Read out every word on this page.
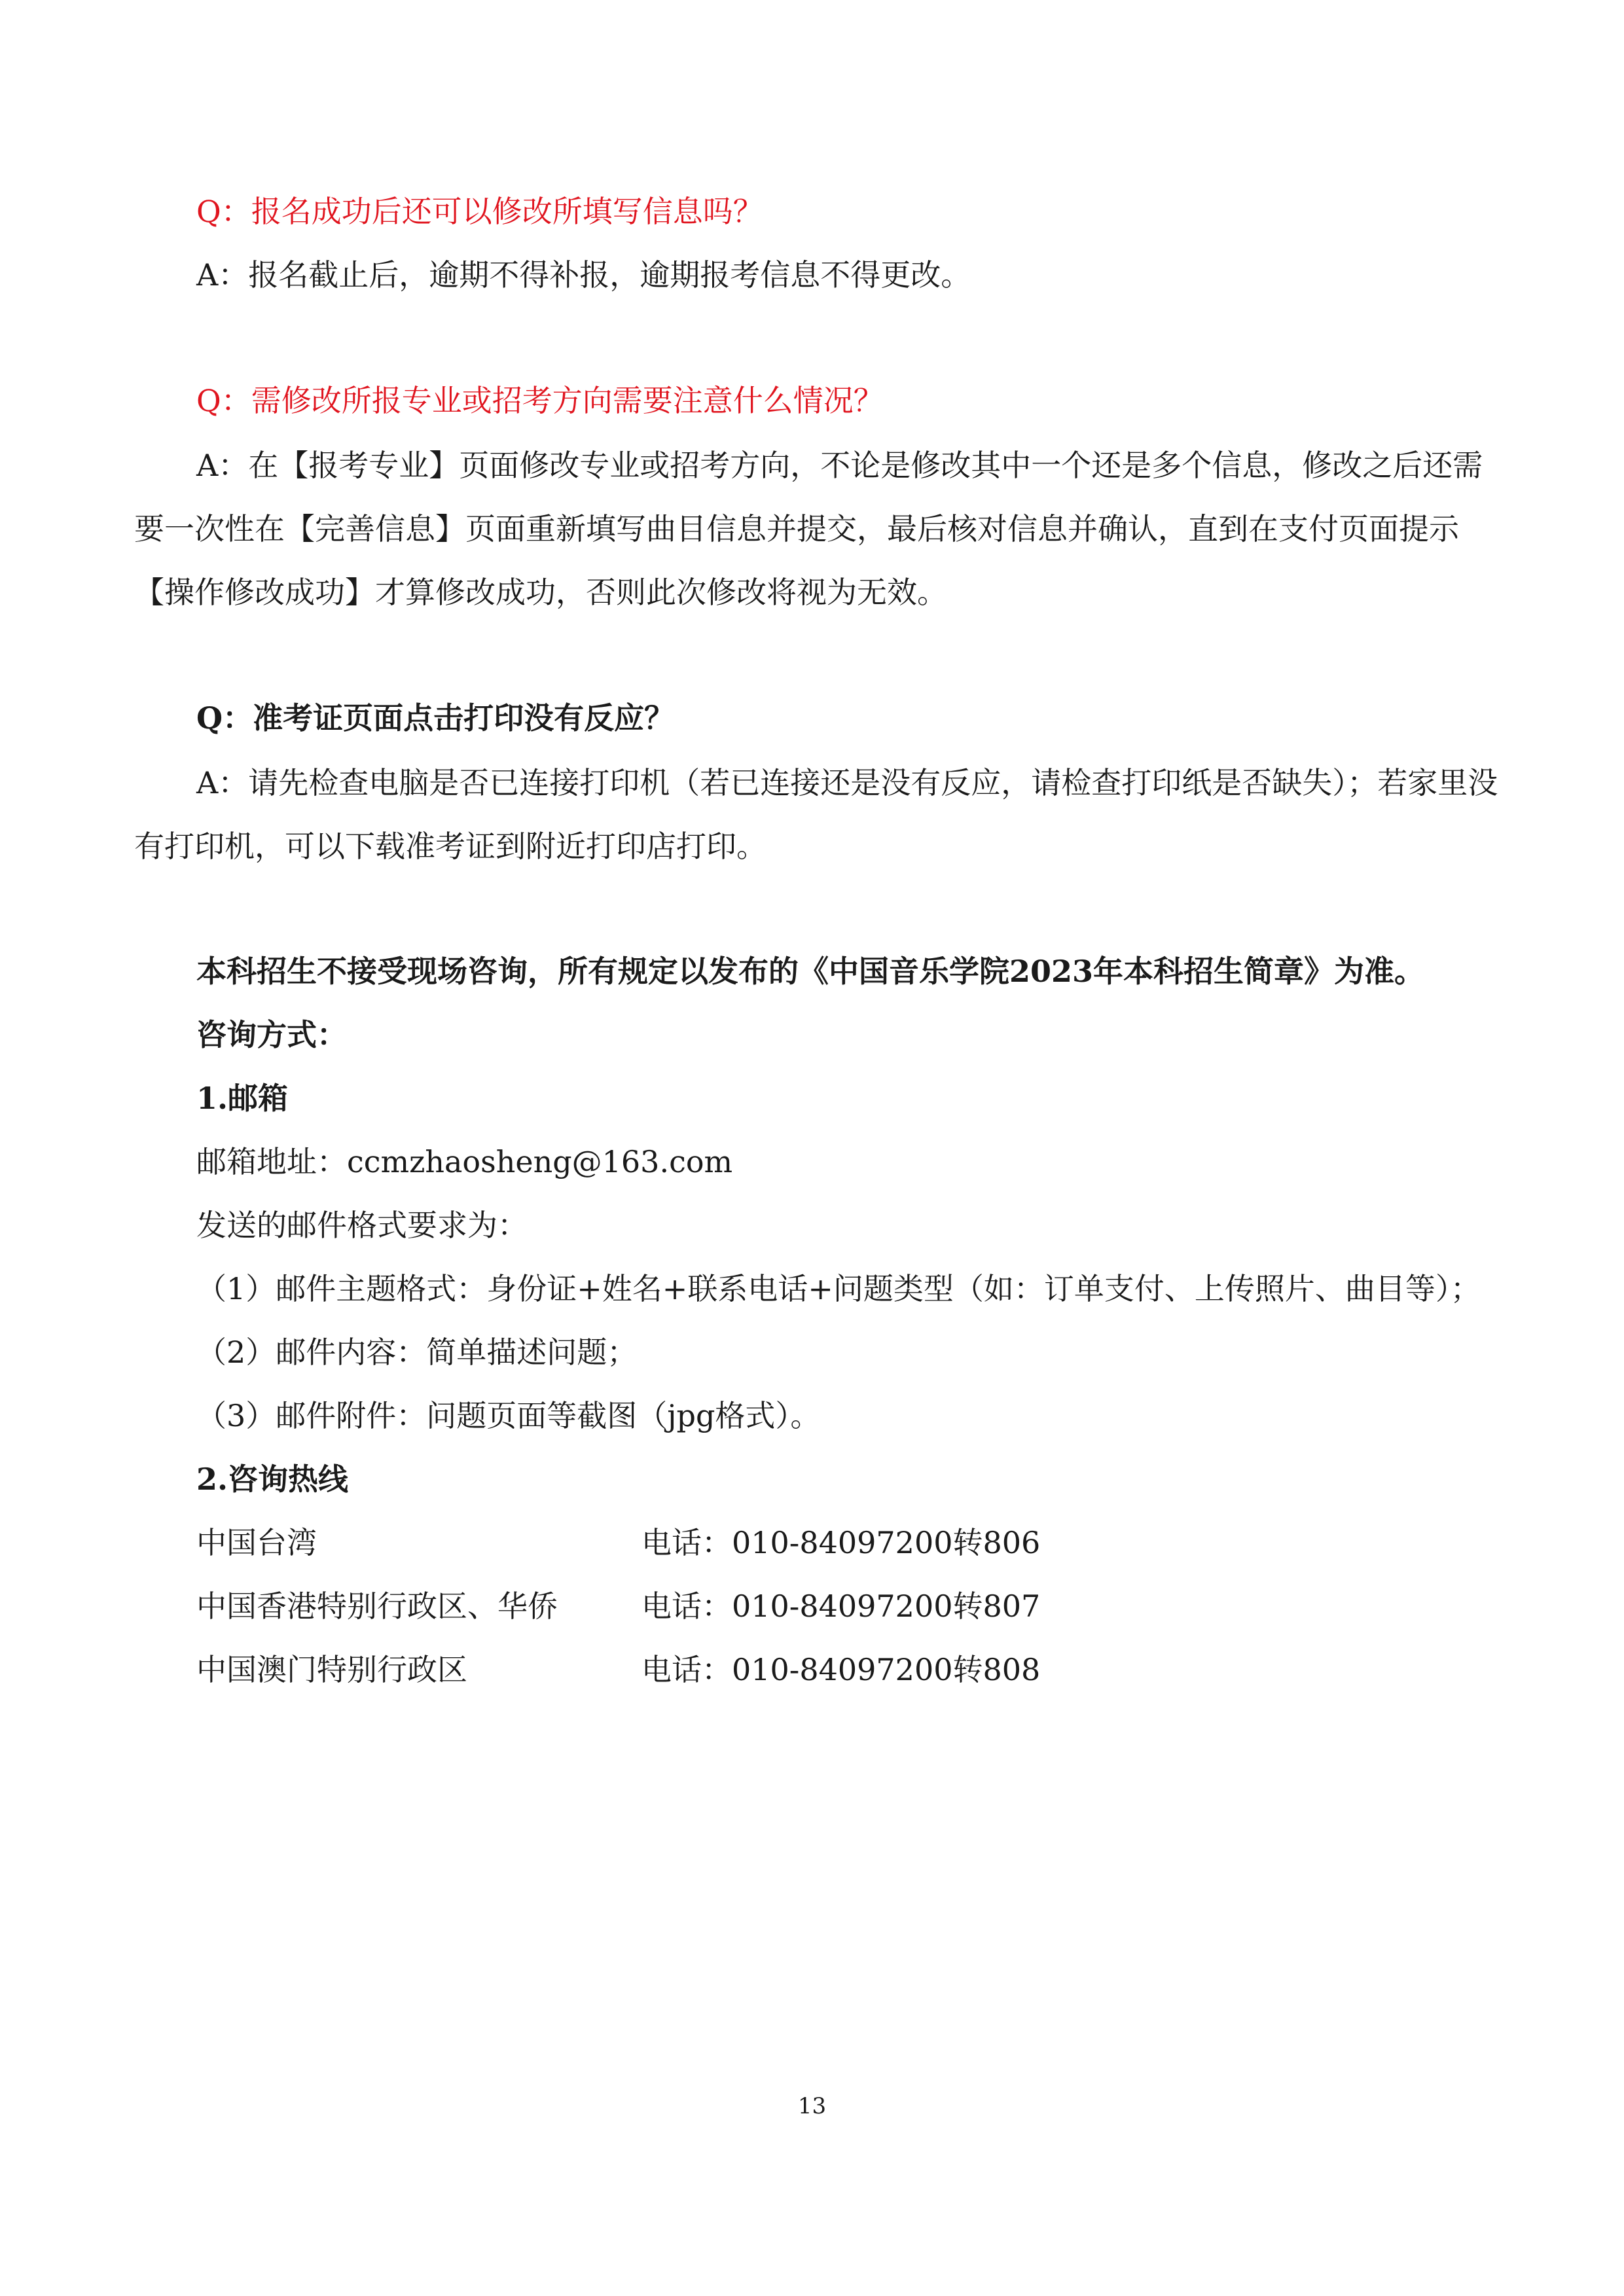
Q：报名成功后还可以修改所填写信息吗？
A：报名截止后，逾期不得补报，逾期报考信息不得更改。
Q：需修改所报专业或招考方向需要注意什么情况？
A：在【报考专业】页面修改专业或招考方向，不论是修改其中一个还是多个信息，修改之后还需要一次性在【完善信息】页面重新填写曲目信息并提交，最后核对信息并确认，直到在支付页面提示【操作修改成功】才算修改成功，否则此次修改将视为无效。
Q：准考证页面点击打印没有反应？
A：请先检查电脑是否已连接打印机（若已连接还是没有反应，请检查打印纸是否缺失）；若家里没有打印机，可以下载准考证到附近打印店打印。
本科招生不接受现场咨询，所有规定以发布的《中国音乐学院2023年本科招生简章》为准。
咨询方式：
1.邮箱
邮箱地址：ccmzhaosheng@163.com
发送的邮件格式要求为：
（1）邮件主题格式：身份证+姓名+联系电话+问题类型（如：订单支付、上传照片、曲目等）；
（2）邮件内容：简单描述问题；
（3）邮件附件：问题页面等截图（jpg格式）。
2.咨询热线
中国台湾	电话：010-84097200转806
中国香港特别行政区、华侨	电话：010-84097200转807
中国澳门特别行政区	电话：010-84097200转808
13
